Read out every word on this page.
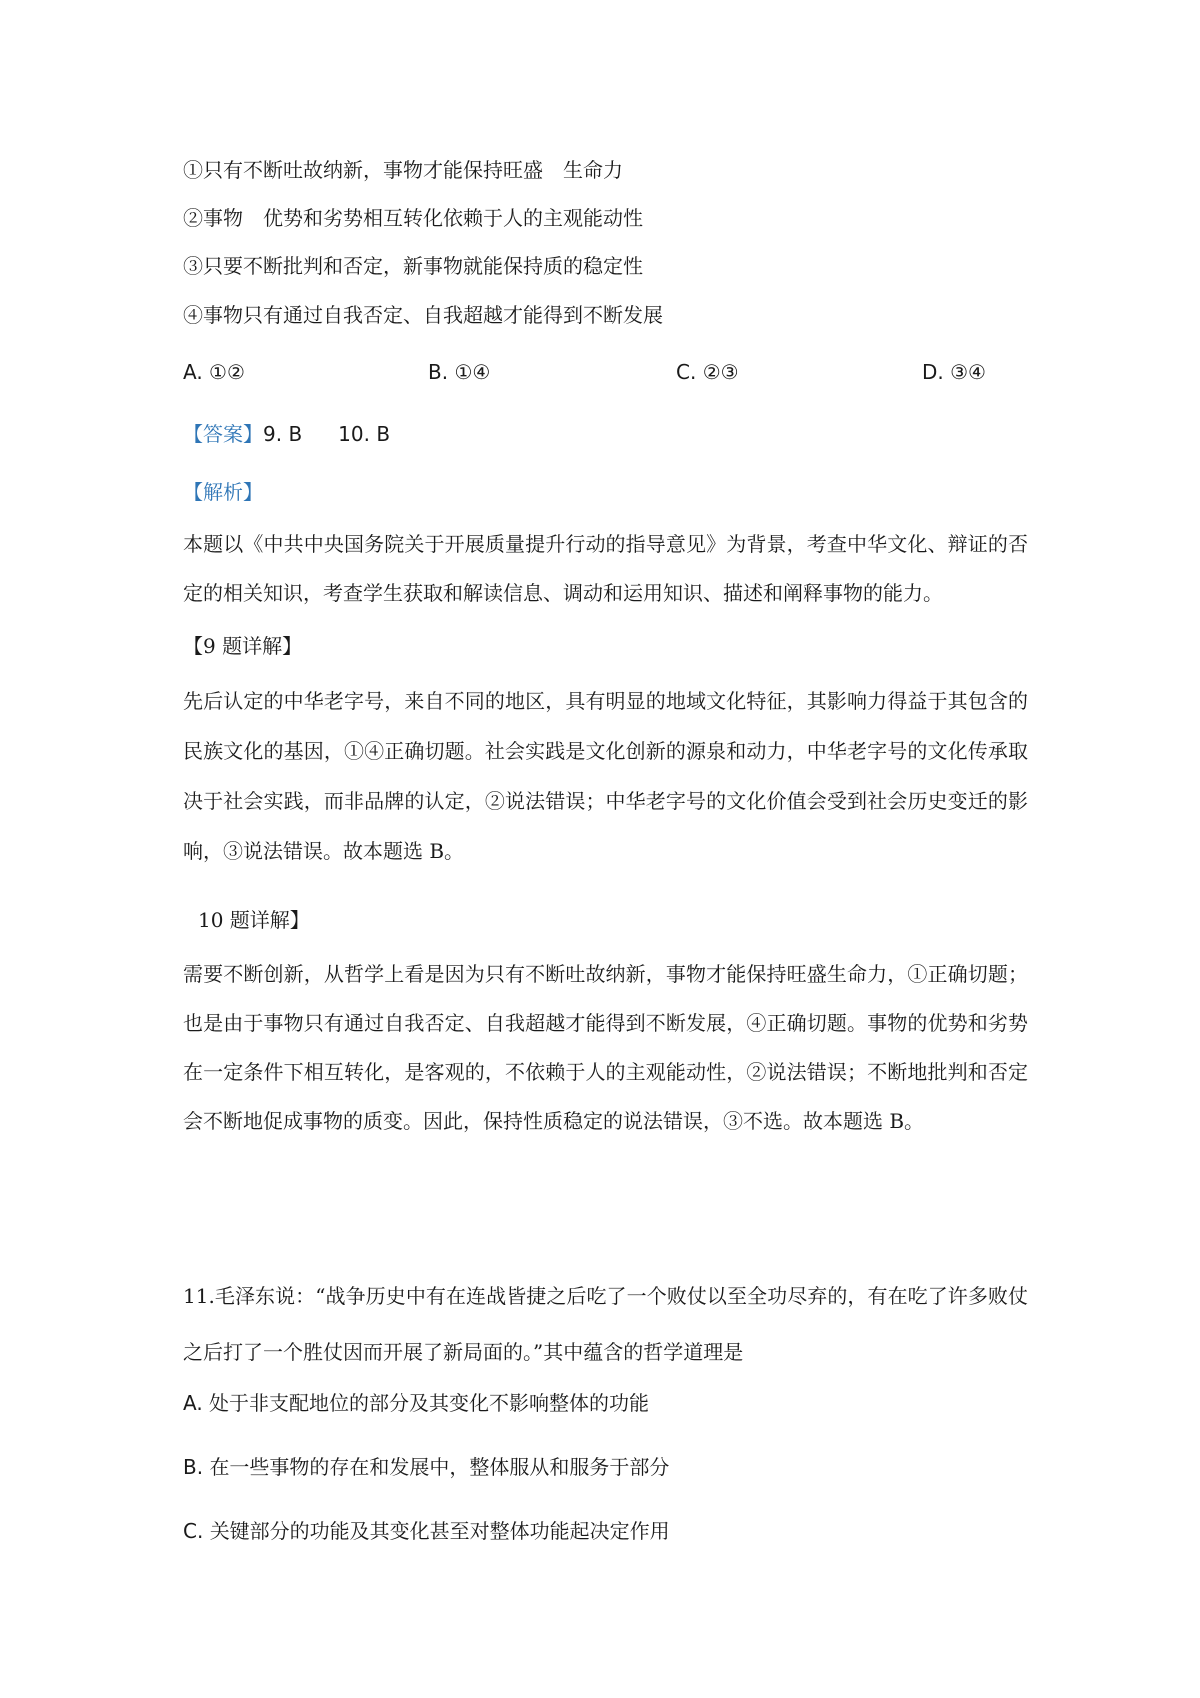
①只有不断吐故纳新，事物才能保持旺盛　生命力
②事物　优势和劣势相互转化依赖于人的主观能动性
③只要不断批判和否定，新事物就能保持质的稳定性
④事物只有通过自我否定、自我超越才能得到不断发展
A. ①②	B. ①④	C. ②③	D. ③④
【答案】9. B 10. B
【解析】
本题以《中共中央国务院关于开展质量提升行动的指导意见》为背景，考查中华文化、辩证的否定的相关知识，考查学生获取和解读信息、调动和运用知识、描述和阐释事物的能力。
【9 题详解】
先后认定的中华老字号，来自不同的地区，具有明显的地域文化特征，其影响力得益于其包含的民族文化的基因，①④正确切题。社会实践是文化创新的源泉和动力，中华老字号的文化传承取决于社会实践，而非品牌的认定，②说法错误；中华老字号的文化价值会受到社会历史变迁的影响，③说法错误。故本题选 B。
10 题详解】
需要不断创新，从哲学上看是因为只有不断吐故纳新，事物才能保持旺盛生命力，①正确切题；也是由于事物只有通过自我否定、自我超越才能得到不断发展，④正确切题。事物的优势和劣势在一定条件下相互转化，是客观的，不依赖于人的主观能动性，②说法错误；不断地批判和否定会不断地促成事物的质变。因此，保持性质稳定的说法错误，③不选。故本题选 B。
11.毛泽东说：“战争历史中有在连战皆捷之后吃了一个败仗以至全功尽弃的，有在吃了许多败仗之后打了一个胜仗因而开展了新局面的。”其中蕴含的哲学道理是
A. 处于非支配地位的部分及其变化不影响整体的功能
B. 在一些事物的存在和发展中，整体服从和服务于部分
C. 关键部分的功能及其变化甚至对整体功能起决定作用
